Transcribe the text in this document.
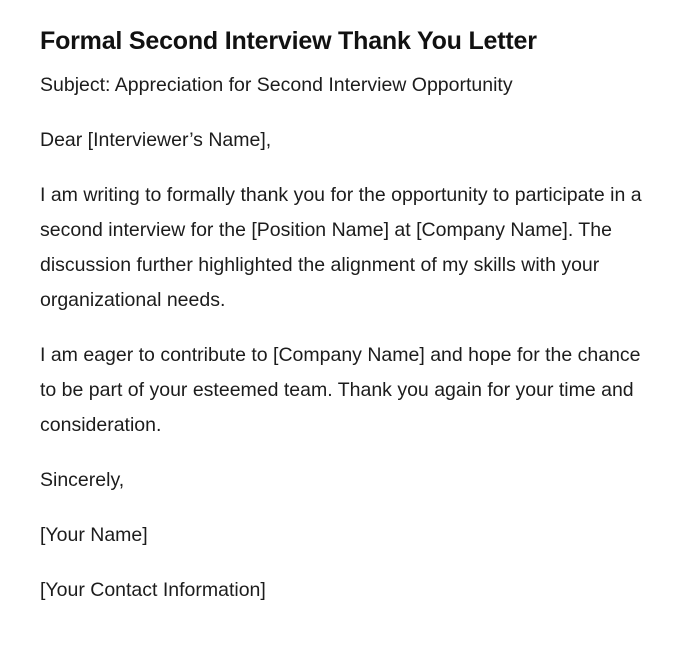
Formal Second Interview Thank You Letter

Subject: Appreciation for Second Interview Opportunity

Dear [Interviewer’s Name],

I am writing to formally thank you for the opportunity to participate in a second interview for the [Position Name] at [Company Name]. The discussion further highlighted the alignment of my skills with your organizational needs.

I am eager to contribute to [Company Name] and hope for the chance to be part of your esteemed team. Thank you again for your time and consideration.

Sincerely,

[Your Name]

[Your Contact Information]
